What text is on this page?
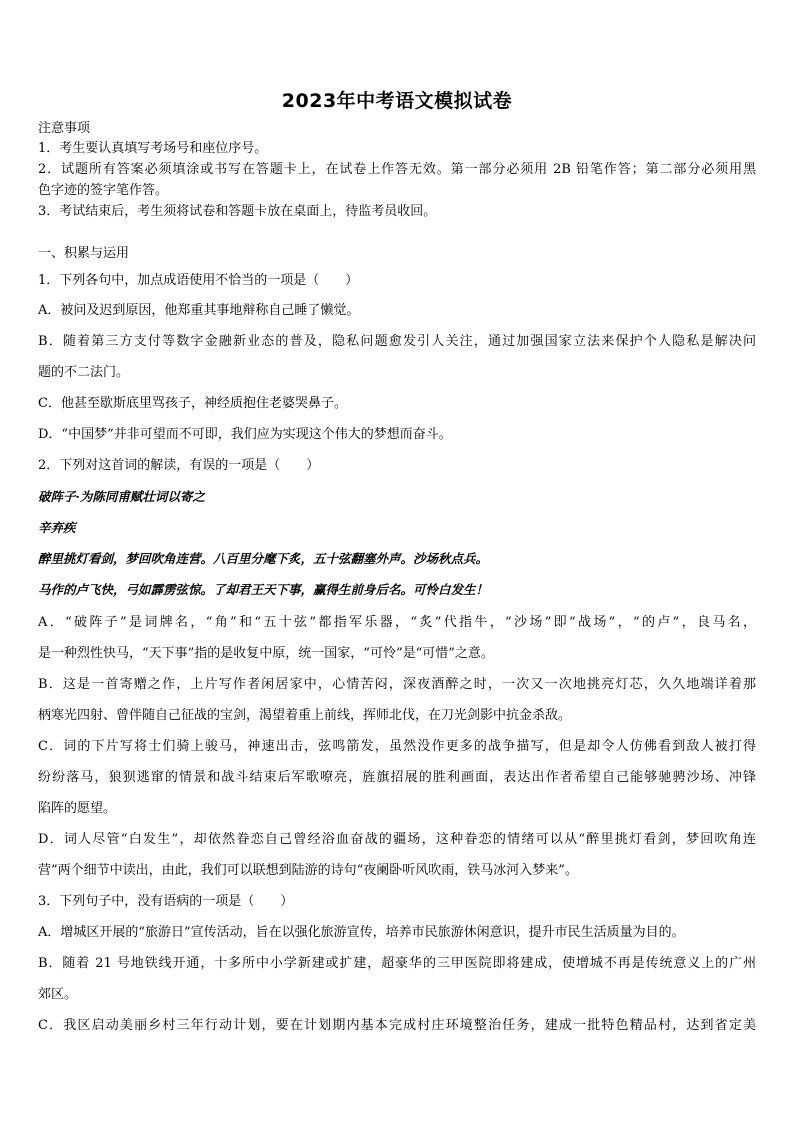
2023年中考语文模拟试卷
注意事项
1．考生要认真填写考场号和座位序号。
2．试题所有答案必须填涂或书写在答题卡上，在试卷上作答无效。第一部分必须用 2B 铅笔作答；第二部分必须用黑
色字迹的签字笔作答。
3．考试结束后，考生须将试卷和答题卡放在桌面上，待监考员收回。
一、积累与运用
1．下列各句中，加点成语使用不恰当的一项是（　　）
A．被问及迟到原因，他郑重其事地辩称自己睡了懒觉。
B．随着第三方支付等数字金融新业态的普及，隐私问题愈发引人关注，通过加强国家立法来保护个人隐私是解决问
题的不二法门。
C．他甚至歇斯底里骂孩子，神经质抱住老婆哭鼻子。
D．“中国梦”并非可望而不可即，我们应为实现这个伟大的梦想而奋斗。
2．下列对这首词的解读，有误的一项是（　　）
破阵子·为陈同甫赋壮词以寄之
辛弃疾
醉里挑灯看剑，梦回吹角连营。八百里分麾下炙，五十弦翻塞外声。沙场秋点兵。
马作的卢飞快，弓如霹雳弦惊。了却君王天下事，赢得生前身后名。可怜白发生！
A．“破阵子”是词牌名，“角”和“五十弦”都指军乐器，“炙”代指牛，“沙场”即“战场”，“的卢”，良马名，
是一种烈性快马，“天下事”指的是收复中原，统一国家，“可怜”是“可惜”之意。
B．这是一首寄赠之作，上片写作者闲居家中，心情苦闷，深夜酒醉之时，一次又一次地挑亮灯芯，久久地端详着那
柄寒光四射、曾伴随自己征战的宝剑，渴望着重上前线，挥师北伐，在刀光剑影中抗金杀敌。
C．词的下片写将士们骑上骏马，神速出击，弦鸣箭发，虽然没作更多的战争描写，但是却令人仿佛看到敌人被打得
纷纷落马，狼狈逃窜的情景和战斗结束后军歌嘹亮，旌旗招展的胜利画面，表达出作者希望自己能够驰骋沙场、冲锋
陷阵的愿望。
D．词人尽管“白发生”，却依然眷恋自己曾经浴血奋战的疆场，这种眷恋的情绪可以从“醉里挑灯看剑，梦回吹角连
营”两个细节中读出，由此，我们可以联想到陆游的诗句“夜阑卧听风吹雨，铁马冰河入梦来”。
3．下列句子中，没有语病的一项是（　　）
A．增城区开展的“旅游日”宣传活动，旨在以强化旅游宣传，培养市民旅游休闲意识，提升市民生活质量为目的。
B．随着 21 号地铁线开通，十多所中小学新建或扩建，超豪华的三甲医院即将建成，使增城不再是传统意义上的广州
郊区。
C．我区启动美丽乡村三年行动计划，要在计划期内基本完成村庄环境整治任务，建成一批特色精品村，达到省定美
